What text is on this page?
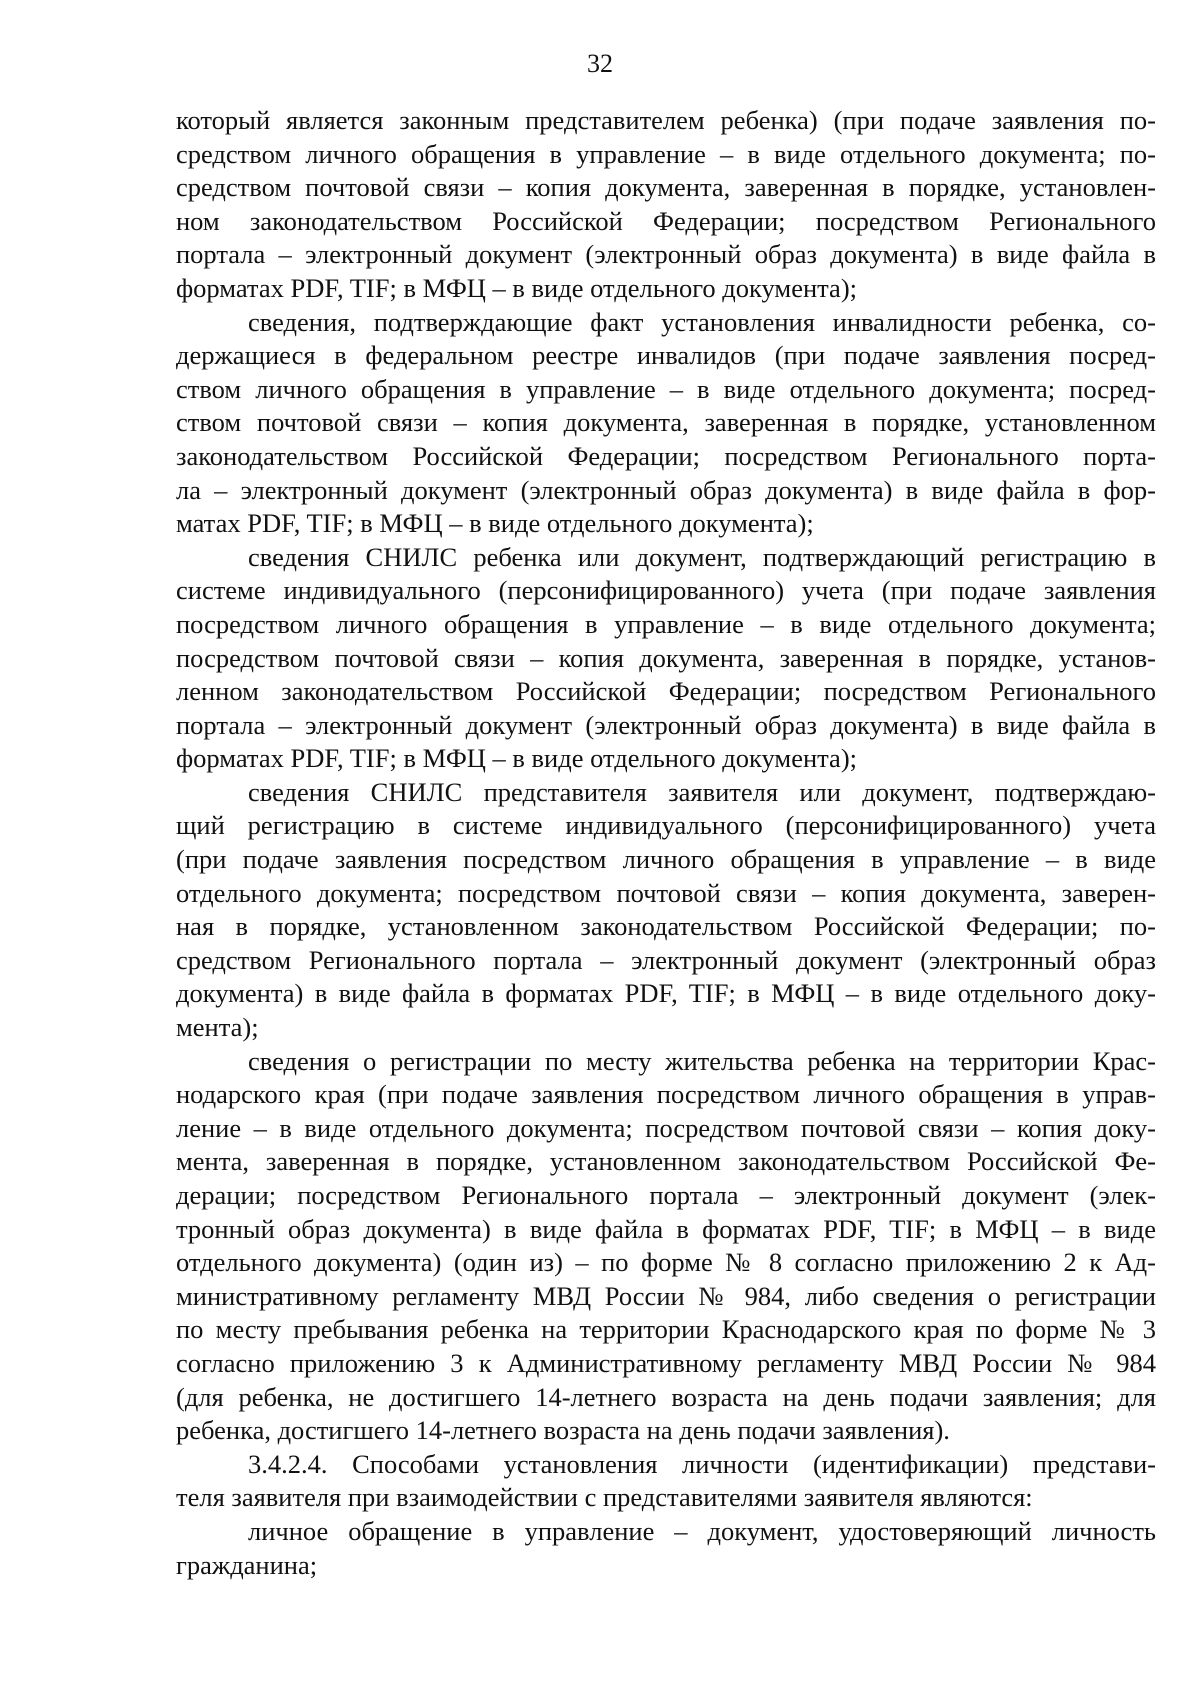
32
который является законным представителем ребенка) (при подаче заявления по-
средством личного обращения в управление – в виде отдельного документа; по-
средством почтовой связи – копия документа, заверенная в порядке, установлен-
ном законодательством Российской Федерации; посредством Регионального
портала – электронный документ (электронный образ документа) в виде файла в
форматах PDF, TIF; в МФЦ – в виде отдельного документа);
сведения, подтверждающие факт установления инвалидности ребенка, со-
держащиеся в федеральном реестре инвалидов (при подаче заявления посред-
ством личного обращения в управление – в виде отдельного документа; посред-
ством почтовой связи – копия документа, заверенная в порядке, установленном
законодательством Российской Федерации; посредством Регионального порта-
ла – электронный документ (электронный образ документа) в виде файла в фор-
матах PDF, TIF; в МФЦ – в виде отдельного документа);
сведения СНИЛС ребенка или документ, подтверждающий регистрацию в
системе индивидуального (персонифицированного) учета (при подаче заявления
посредством личного обращения в управление – в виде отдельного документа;
посредством почтовой связи – копия документа, заверенная в порядке, установ-
ленном законодательством Российской Федерации; посредством Регионального
портала – электронный документ (электронный образ документа) в виде файла в
форматах PDF, TIF; в МФЦ – в виде отдельного документа);
сведения СНИЛС представителя заявителя или документ, подтверждаю-
щий регистрацию в системе индивидуального (персонифицированного) учета
(при подаче заявления посредством личного обращения в управление – в виде
отдельного документа; посредством почтовой связи – копия документа, заверен-
ная в порядке, установленном законодательством Российской Федерации; по-
средством Регионального портала – электронный документ (электронный образ
документа) в виде файла в форматах PDF, TIF; в МФЦ – в виде отдельного доку-
мента);
сведения о регистрации по месту жительства ребенка на территории Крас-
нодарского края (при подаче заявления посредством личного обращения в управ-
ление – в виде отдельного документа; посредством почтовой связи – копия доку-
мента, заверенная в порядке, установленном законодательством Российской Фе-
дерации; посредством Регионального портала – электронный документ (элек-
тронный образ документа) в виде файла в форматах PDF, TIF; в МФЦ – в виде
отдельного документа) (один из) – по форме № 8 согласно приложению 2 к Ад-
министративному регламенту МВД России № 984, либо сведения о регистрации
по месту пребывания ребенка на территории Краснодарского края по форме № 3
согласно приложению 3 к Административному регламенту МВД России № 984
(для ребенка, не достигшего 14-летнего возраста на день подачи заявления; для
ребенка, достигшего 14-летнего возраста на день подачи заявления).
3.4.2.4. Способами установления личности (идентификации) представи-
теля заявителя при взаимодействии с представителями заявителя являются:
личное обращение в управление – документ, удостоверяющий личность
гражданина;
